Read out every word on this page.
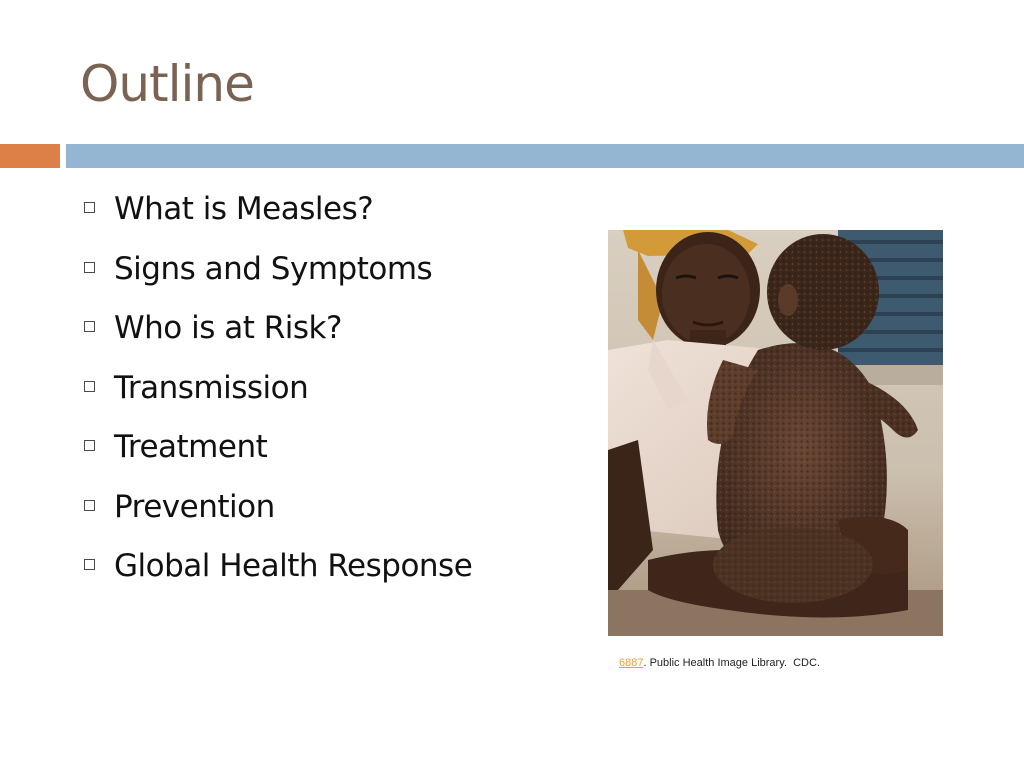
Outline
What is Measles?
Signs and Symptoms
Who is at Risk?
Transmission
Treatment
Prevention
Global Health Response
6887. Public Health Image Library.  CDC.
